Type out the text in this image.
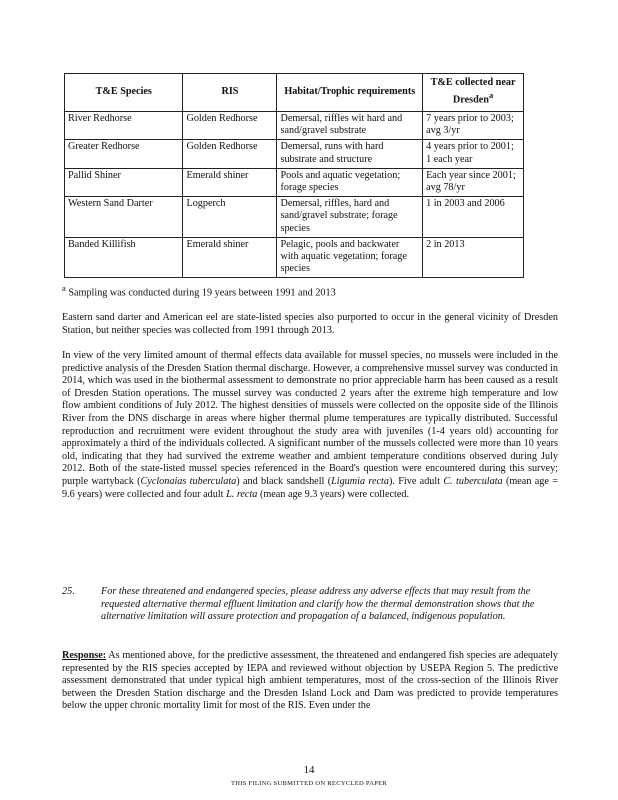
T&E Species	RIS	Habitat/Trophic requirements	T&E collected near Dresden$^a$
River Redhorse	Golden Redhorse	Demersal, riffles wit hard and sand/gravel substrate	7 years prior to 2003; avg 3/yr
Greater Redhorse	Golden Redhorse	Demersal, runs with hard substrate and structure	4 years prior to 2001; 1 each year
Pallid Shiner	Emerald shiner	Pools and aquatic vegetation; forage species	Each year since 2001; avg 78/yr
Western Sand Darter	Logperch	Demersal, riffles, hard and sand/gravel substrate; forage species	1 in 2003 and 2006
Banded Killifish	Emerald shiner	Pelagic, pools and backwater with aquatic vegetation; forage species	2 in 2013
$^a$ Sampling was conducted during 19 years between 1991 and 2013
Eastern sand darter and American eel are state-listed species also purported to occur in the general vicinity of Dresden Station, but neither species was collected from 1991 through 2013.
In view of the very limited amount of thermal effects data available for mussel species, no mussels were included in the predictive analysis of the Dresden Station thermal discharge. However, a comprehensive mussel survey was conducted in 2014, which was used in the biothermal assessment to demonstrate no prior appreciable harm has been caused as a result of Dresden Station operations. The mussel survey was conducted 2 years after the extreme high temperature and low flow ambient conditions of July 2012. The highest densities of mussels were collected on the opposite side of the Illinois River from the DNS discharge in areas where higher thermal plume temperatures are typically distributed. Successful reproduction and recruitment were evident throughout the study area with juveniles (1-4 years old) accounting for approximately a third of the individuals collected. A significant number of the mussels collected were more than 10 years old, indicating that they had survived the extreme weather and ambient temperature conditions observed during July 2012. Both of the state-listed mussel species referenced in the Board's question were encountered during this survey; purple wartyback (Cyclonaias tuberculata) and black sandshell (Ligumia recta). Five adult C. tuberculata (mean age = 9.6 years) were collected and four adult L. recta (mean age 9.3 years) were collected.
25.	For these threatened and endangered species, please address any adverse effects that may result from the requested alternative thermal effluent limitation and clarify how the thermal demonstration shows that the alternative limitation will assure protection and propagation of a balanced, indigenous population.
Response: As mentioned above, for the predictive assessment, the threatened and endangered fish species are adequately represented by the RIS species accepted by IEPA and reviewed without objection by USEPA Region 5. The predictive assessment demonstrated that under typical high ambient temperatures, most of the cross-section of the Illinois River between the Dresden Station discharge and the Dresden Island Lock and Dam was predicted to provide temperatures below the upper chronic mortality limit for most of the RIS. Even under the
14
THIS FILING SUBMITTED ON RECYCLED PAPER
